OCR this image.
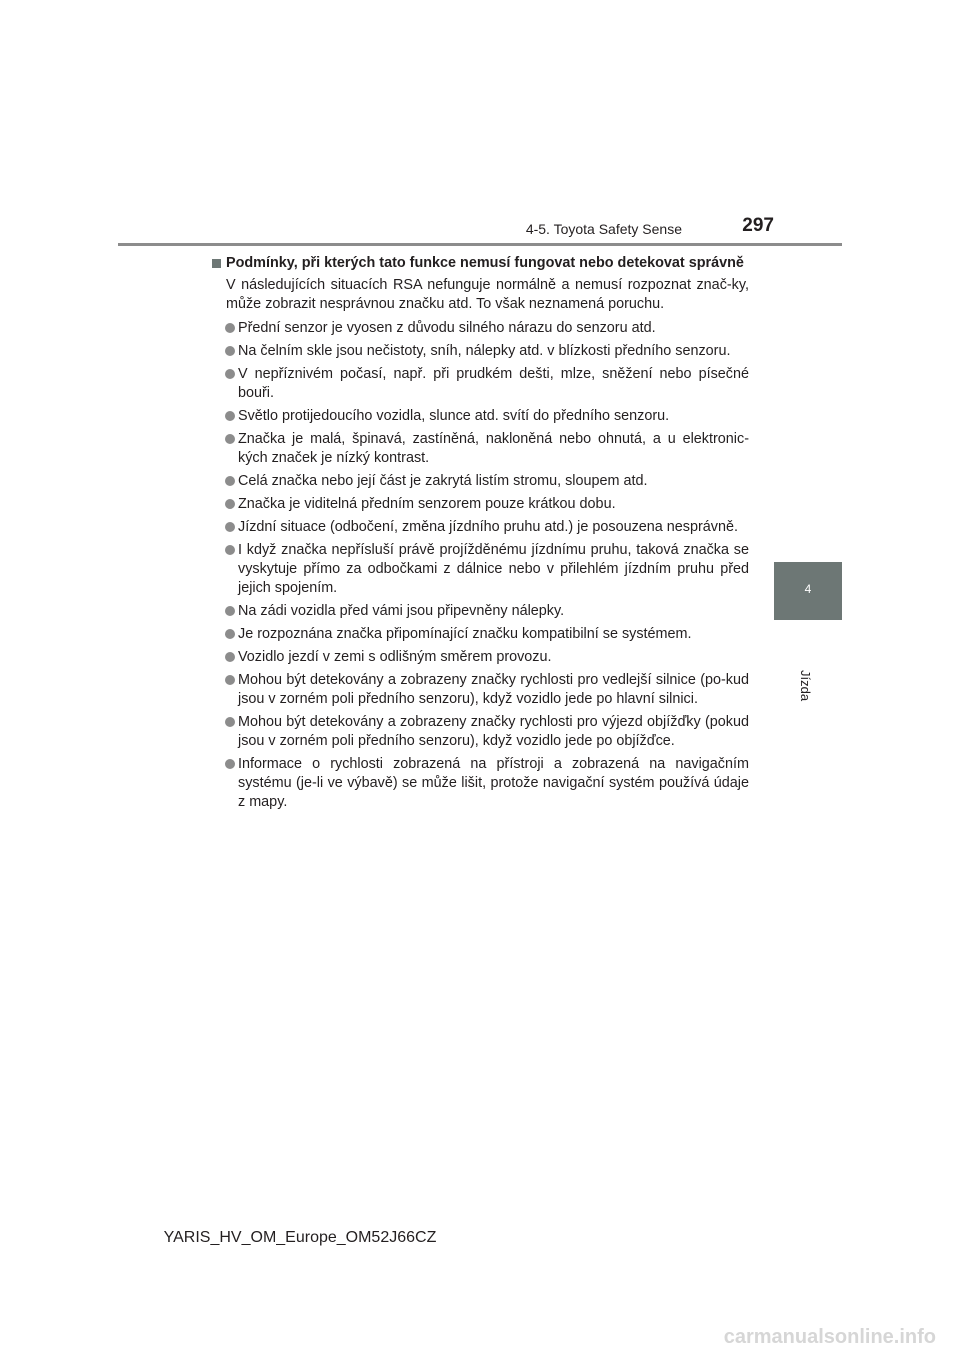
4-5. Toyota Safety Sense	297
4
Jízda
Podmínky, při kterých tato funkce nemusí fungovat nebo detekovat správně

V následujících situacích RSA nefunguje normálně a nemusí rozpoznat znač-ky, může zobrazit nesprávnou značku atd. To však neznamená poruchu.

Přední senzor je vyosen z důvodu silného nárazu do senzoru atd.
Na čelním skle jsou nečistoty, sníh, nálepky atd. v blízkosti předního senzoru.
V nepříznivém počasí, např. při prudkém dešti, mlze, sněžení nebo písečné bouři.
Světlo protijedoucího vozidla, slunce atd. svítí do předního senzoru.
Značka je malá, špinavá, zastíněná, nakloněná nebo ohnutá, a u elektronic-kých značek je nízký kontrast.
Celá značka nebo její část je zakrytá listím stromu, sloupem atd.
Značka je viditelná předním senzorem pouze krátkou dobu.
Jízdní situace (odbočení, změna jízdního pruhu atd.) je posouzena nesprávně.
I když značka nepřísluší právě projížděnému jízdnímu pruhu, taková značka se vyskytuje přímo za odbočkami z dálnice nebo v přilehlém jízdním pruhu před jejich spojením.
Na zádi vozidla před vámi jsou připevněny nálepky.
Je rozpoznána značka připomínající značku kompatibilní se systémem.
Vozidlo jezdí v zemi s odlišným směrem provozu.
Mohou být detekovány a zobrazeny značky rychlosti pro vedlejší silnice (po-kud jsou v zorném poli předního senzoru), když vozidlo jede po hlavní silnici.
Mohou být detekovány a zobrazeny značky rychlosti pro výjezd objížďky (pokud jsou v zorném poli předního senzoru), když vozidlo jede po objížďce.
Informace o rychlosti zobrazená na přístroji a zobrazená na navigačním systému (je-li ve výbavě) se může lišit, protože navigační systém používá údaje z mapy.
YARIS_HV_OM_Europe_OM52J66CZ
carmanualsonline.info
